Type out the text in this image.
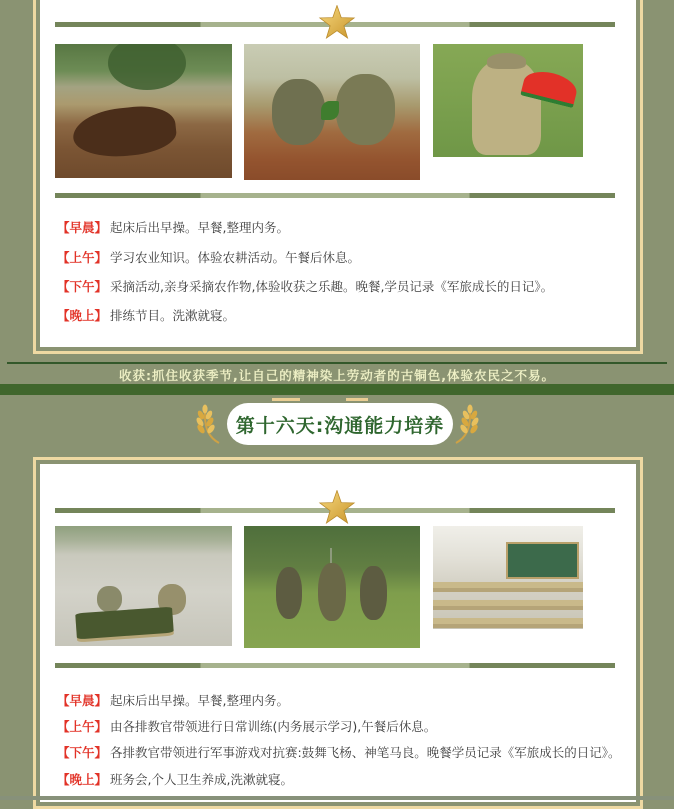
【早晨】 起床后出早操。早餐,整理内务。
【上午】 学习农业知识。体验农耕活动。午餐后休息。
【下午】 采摘活动,亲身采摘农作物,体验收获之乐趣。晚餐,学员记录《军旅成长的日记》。
【晚上】 排练节目。洗漱就寝。
收获:抓住收获季节,让自己的精神染上劳动者的古铜色,体验农民之不易。
第十六天:沟通能力培养
【早晨】 起床后出早操。早餐,整理内务。
【上午】 由各排教官带领进行日常训练(内务展示学习),午餐后休息。
【下午】 各排教官带领进行军事游戏对抗赛:鼓舞飞杨、神笔马良。晚餐学员记录《军旅成长的日记》。
【晚上】 班务会,个人卫生养成,洗漱就寝。
